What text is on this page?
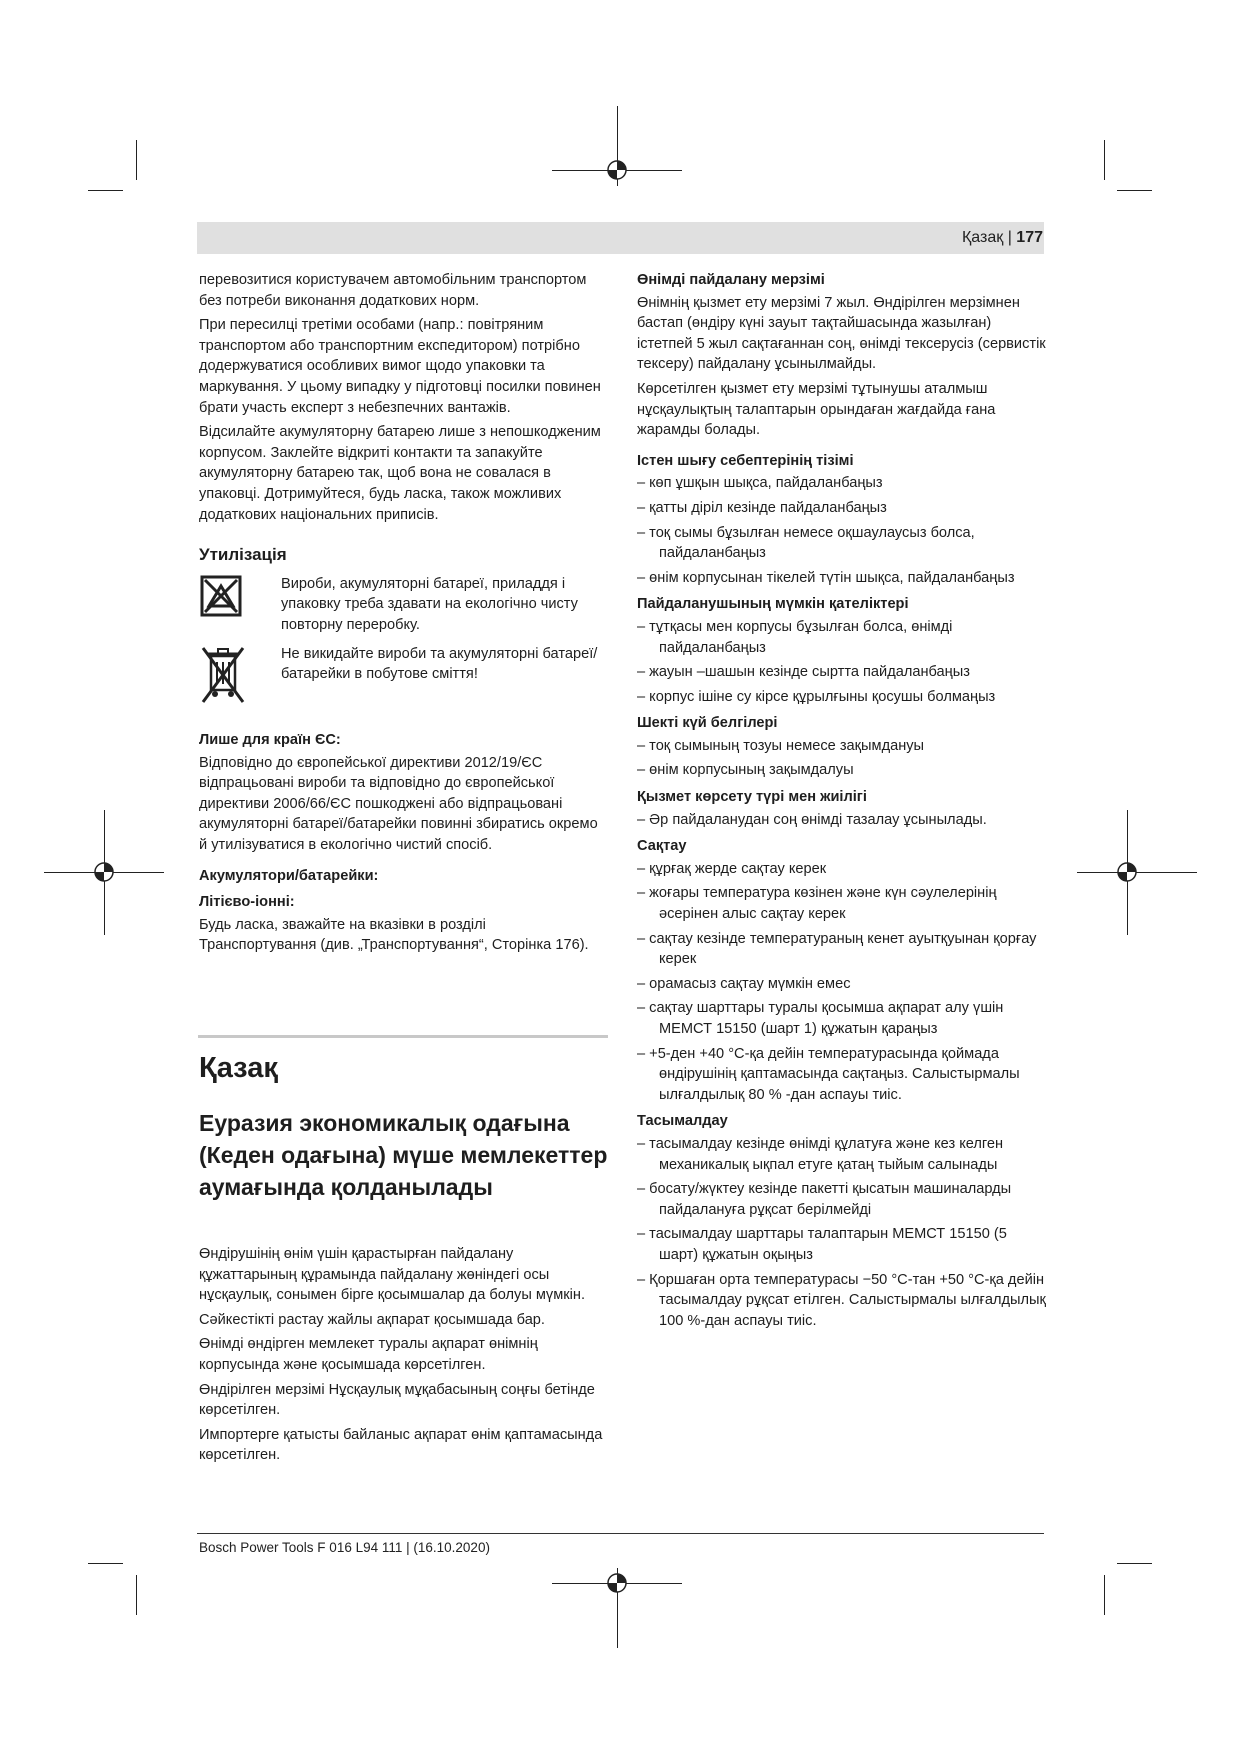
Қазақ | 177

перевозитися користувачем автомобільним транспортом без потреби виконання додаткових норм.

При пересилці третіми особами (напр.: повітряним транспортом або транспортним експедитором) потрібно додержуватися особливих вимог щодо упаковки та маркування. У цьому випадку у підготовці посилки повинен брати участь експерт з небезпечних вантажів.

Відсилайте акумуляторну батарею лише з непошкодженим корпусом. Заклейте відкриті контакти та запакуйте акумуляторну батарею так, щоб вона не совалася в упаковці. Дотримуйтеся, будь ласка, також можливих додаткових національних приписів.

Утилізація
Вироби, акумуляторні батареї, приладдя і упаковку треба здавати на екологічно чисту повторну переробку.
Не викидайте вироби та акумуляторні батареї/батарейки в побутове сміття!
Лише для країн ЄС:

Відповідно до європейської директиви 2012/19/ЄС відпрацьовані вироби та відповідно до європейської директиви 2006/66/ЄС пошкоджені або відпрацьовані акумуляторні батареї/батарейки повинні збиратись окремо й утилізуватися в екологічно чистий спосіб.

Акумулятори/батарейки:
Літієво-іонні:

Будь ласка, зважайте на вказівки в розділі Транспортування (див. „Транспортування“, Сторінка 176).

Қазақ
Еуразия экономикалық одағына (Кеден одағына) мүше мемлекеттер аумағында қолданылады

Өндірушінің өнім үшін қарастырған пайдалану құжаттарының құрамында пайдалану жөніндегі осы нұсқаулық, сонымен бірге қосымшалар да болуы мүмкін.

Сәйкестікті растау жайлы ақпарат қосымшада бар.

Өнімді өндірген мемлекет туралы ақпарат өнімнің корпусында және қосымшада көрсетілген.

Өндірілген мерзімі Нұсқаулық мұқабасының соңғы бетінде көрсетілген.

Импортерге қатысты байланыс ақпарат өнім қаптамасында көрсетілген.

Өнімді пайдалану мерзімі

Өнімнің қызмет ету мерзімі 7 жыл. Өндірілген мерзімнен бастап (өндіру күні зауыт тақтайшасында жазылған) істетпей 5 жыл сақтағаннан соң, өнімді тексерусіз (сервистік тексеру) пайдалану ұсынылмайды.

Көрсетілген қызмет ету мерзімі тұтынушы аталмыш нұсқаулықтың талаптарын орындаған жағдайда ғана жарамды болады.

Істен шығу себептерінің тізімі
– көп ұшқын шықса, пайдаланбаңыз
– қатты діріл кезінде пайдаланбаңыз
– тоқ сымы бұзылған немесе оқшаулаусыз болса, пайдаланбаңыз
– өнім корпусынан тікелей түтін шықса, пайдаланбаңыз
Пайдаланушының мүмкін қателіктері
– тұтқасы мен корпусы бұзылған болса, өнімді пайдаланбаңыз
– жауын –шашын кезінде сыртта пайдаланбаңыз
– корпус ішіне су кірсе құрылғыны қосушы болмаңыз
Шекті күй белгілері
– тоқ сымының тозуы немесе зақымдануы
– өнім корпусының зақымдалуы
Қызмет көрсету түрі мен жиілігі
– Әр пайдаланудан соң өнімді тазалау ұсынылады.
Сақтау
– құрғақ жерде сақтау керек
– жоғары температура көзінен және күн сәулелерінің әсерінен алыс сақтау керек
– сақтау кезінде температураның кенет ауытқуынан қорғау керек
– орамасыз сақтау мүмкін емес
– сақтау шарттары туралы қосымша ақпарат алу үшін МЕМСТ 15150 (шарт 1) құжатын қараңыз
– +5-ден +40 °C-қа дейін температурасында қоймада өндірушінің қаптамасында сақтаңыз. Салыстырмалы ылғалдылық 80 % -дан аспауы тиіс.
Тасымалдау
– тасымалдау кезінде өнімді құлатуға және кез келген механикалық ықпал етуге қатаң тыйым салынады
– босату/жүктеу кезінде пакетті қысатын машиналарды пайдалануға рұқсат берілмейді
– тасымалдау шарттары талаптарын МЕМСТ 15150 (5 шарт) құжатын оқыңыз
– Қоршаған орта температурасы −50 °C-тан +50 °C-қа дейін тасымалдау рұқсат етілген. Салыстырмалы ылғалдылық 100 %-дан аспауы тиіс.
Bosch Power Tools F 016 L94 111 | (16.10.2020)
